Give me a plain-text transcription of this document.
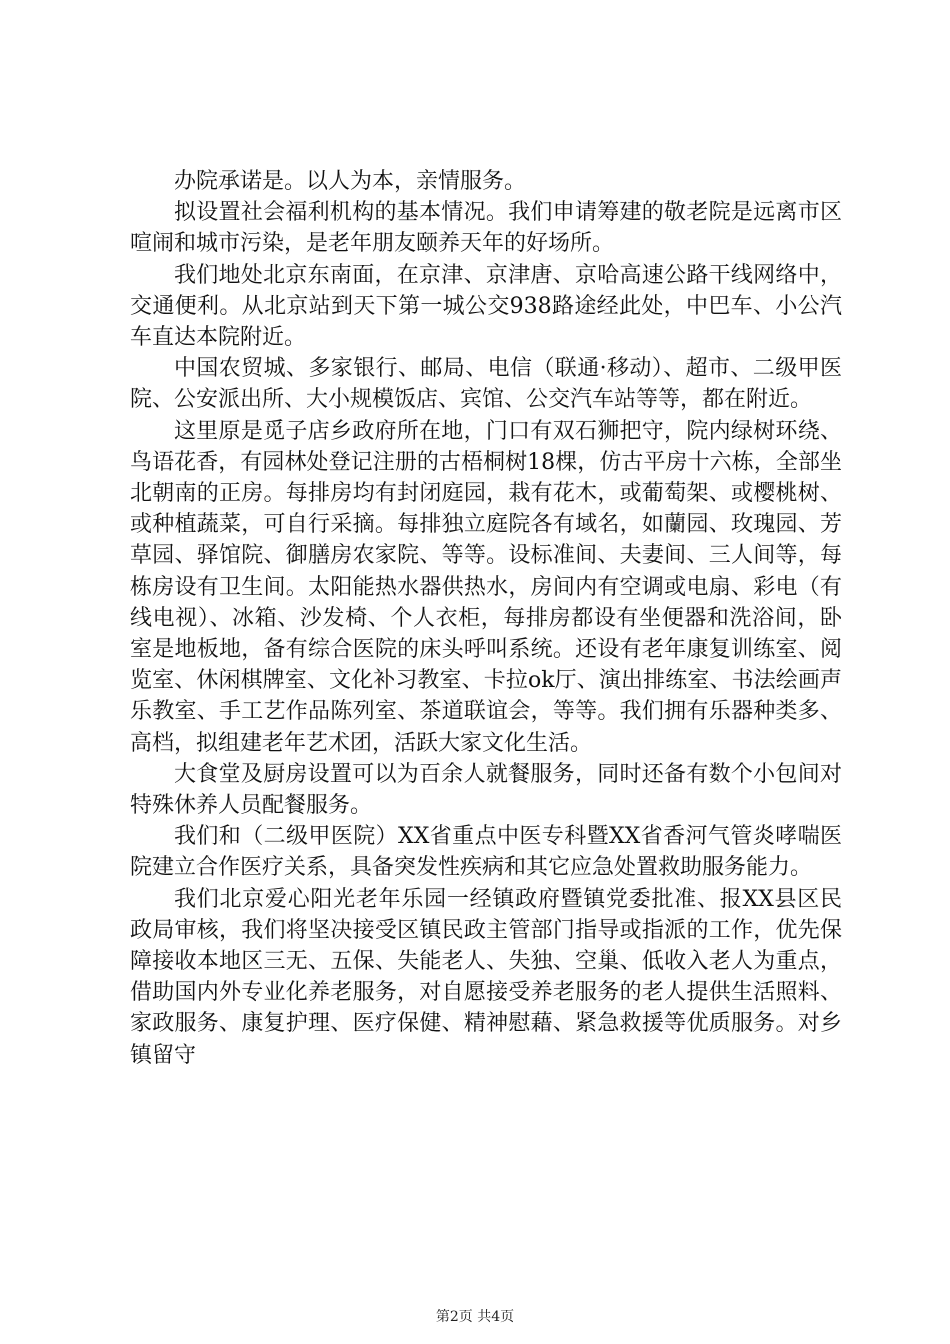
办院承诺是。以人为本，亲情服务。

拟设置社会福利机构的基本情况。我们申请筹建的敬老院是远离市区喧闹和城市污染，是老年朋友颐养天年的好场所。

我们地处北京东南面，在京津、京津唐、京哈高速公路干线网络中，交通便利。从北京站到天下第一城公交938路途经此处，中巴车、小公汽车直达本院附近。

中国农贸城、多家银行、邮局、电信（联通·移动）、超市、二级甲医院、公安派出所、大小规模饭店、宾馆、公交汽车站等等，都在附近。

这里原是觅子店乡政府所在地，门口有双石狮把守，院内绿树环绕、鸟语花香，有园林处登记注册的古梧桐树18棵，仿古平房十六栋，全部坐北朝南的正房。每排房均有封闭庭园，栽有花木，或葡萄架、或樱桃树、或种植蔬菜，可自行采摘。每排独立庭院各有域名，如蘭园、玫瑰园、芳草园、驿馆院、御膳房农家院、等等。设标准间、夫妻间、三人间等，每栋房设有卫生间。太阳能热水器供热水，房间内有空调或电扇、彩电（有线电视）、冰箱、沙发椅、个人衣柜，每排房都设有坐便器和洗浴间，卧室是地板地，备有综合医院的床头呼叫系统。还设有老年康复训练室、阅览室、休闲棋牌室、文化补习教室、卡拉ok厅、演出排练室、书法绘画声乐教室、手工艺作品陈列室、茶道联谊会，等等。我们拥有乐器种类多、高档，拟组建老年艺术团，活跃大家文化生活。

大食堂及厨房设置可以为百余人就餐服务，同时还备有数个小包间对特殊休养人员配餐服务。

我们和（二级甲医院）XX省重点中医专科暨XX省香河气管炎哮喘医院建立合作医疗关系，具备突发性疾病和其它应急处置救助服务能力。

我们北京爱心阳光老年乐园一经镇政府暨镇党委批准、报XX县区民政局审核，我们将坚决接受区镇民政主管部门指导或指派的工作，优先保障接收本地区三无、五保、失能老人、失独、空巢、低收入老人为重点，借助国内外专业化养老服务，对自愿接受养老服务的老人提供生活照料、家政服务、康复护理、医疗保健、精神慰藉、紧急救援等优质服务。对乡镇留守

第2页 共4页
